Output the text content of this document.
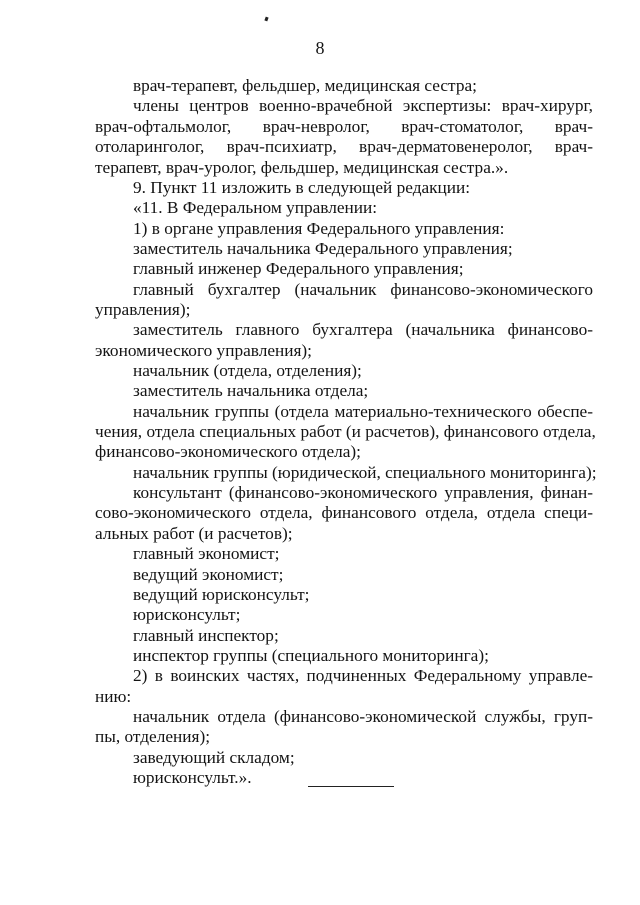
8
врач-терапевт, фельдшер, медицинская сестра;
члены центров военно-врачебной экспертизы: врач-хирург,
врач-офтальмолог, врач-невролог, врач-стоматолог, врач-
отоларинголог, врач-психиатр, врач-дерматовенеролог, врач-
терапевт, врач-уролог, фельдшер, медицинская сестра.».
9. Пункт 11 изложить в следующей редакции:
«11. В Федеральном управлении:
1) в органе управления Федерального управления:
заместитель начальника Федерального управления;
главный инженер Федерального управления;
главный бухгалтер (начальник финансово-экономического
управления);
заместитель главного бухгалтера (начальника финансово-
экономического управления);
начальник (отдела, отделения);
заместитель начальника отдела;
начальник группы (отдела материально-технического обеспе-
чения, отдела специальных работ (и расчетов), финансового отдела,
финансово-экономического отдела);
начальник группы (юридической, специального мониторинга);
консультант (финансово-экономического управления, финан-
сово-экономического отдела, финансового отдела, отдела специ-
альных работ (и расчетов);
главный экономист;
ведущий экономист;
ведущий юрисконсульт;
юрисконсульт;
главный инспектор;
инспектор группы (специального мониторинга);
2) в воинских частях, подчиненных Федеральному управле-
нию:
начальник отдела (финансово-экономической службы, груп-
пы, отделения);
заведующий складом;
юрисконсульт.».
